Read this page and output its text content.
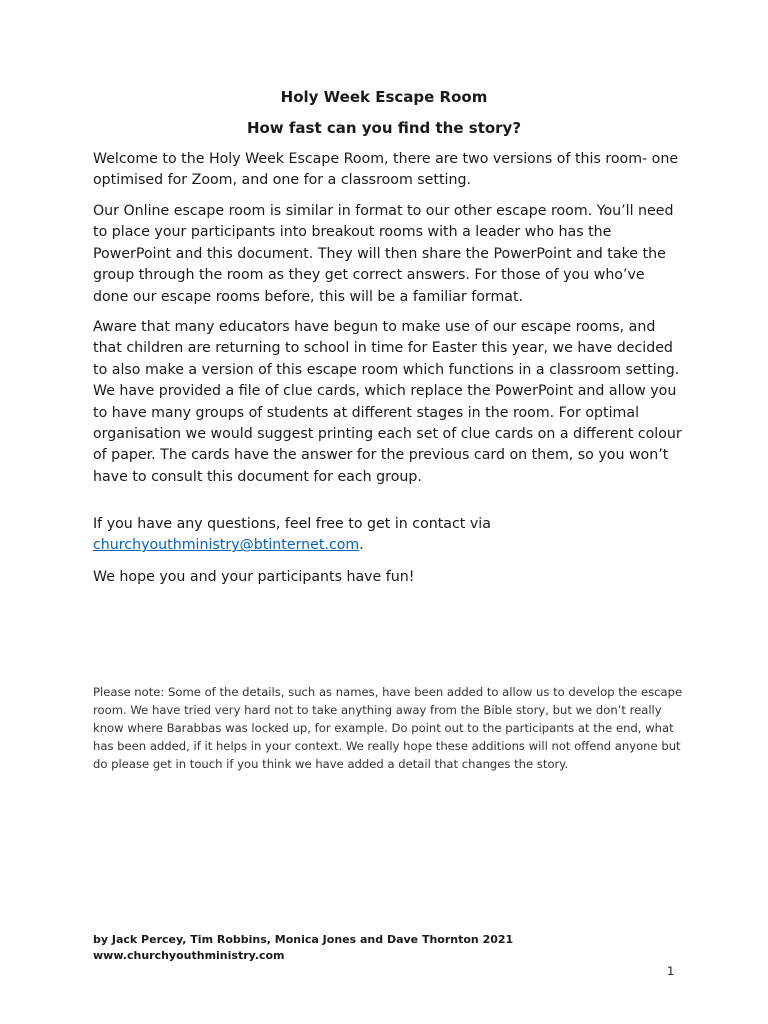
Holy Week Escape Room
How fast can you find the story?

Welcome to the Holy Week Escape Room, there are two versions of this room- one optimised for Zoom, and one for a classroom setting.

Our Online escape room is similar in format to our other escape room. You’ll need to place your participants into breakout rooms with a leader who has the PowerPoint and this document. They will then share the PowerPoint and take the group through the room as they get correct answers. For those of you who’ve done our escape rooms before, this will be a familiar format.

Aware that many educators have begun to make use of our escape rooms, and that children are returning to school in time for Easter this year, we have decided to also make a version of this escape room which functions in a classroom setting. We have provided a file of clue cards, which replace the PowerPoint and allow you to have many groups of students at different stages in the room. For optimal organisation we would suggest printing each set of clue cards on a different colour of paper. The cards have the answer for the previous card on them, so you won’t have to consult this document for each group.

If you have any questions, feel free to get in contact via
churchyouthministry@btinternet.com.

We hope you and your participants have fun!

Please note: Some of the details, such as names, have been added to allow us to develop the escape room. We have tried very hard not to take anything away from the Bible story, but we don’t really know where Barabbas was locked up, for example. Do point out to the participants at the end, what has been added, if it helps in your context. We really hope these additions will not offend anyone but do please get in touch if you think we have added a detail that changes the story.
by Jack Percey, Tim Robbins, Monica Jones and Dave Thornton 2021
www.churchyouthministry.com
1
